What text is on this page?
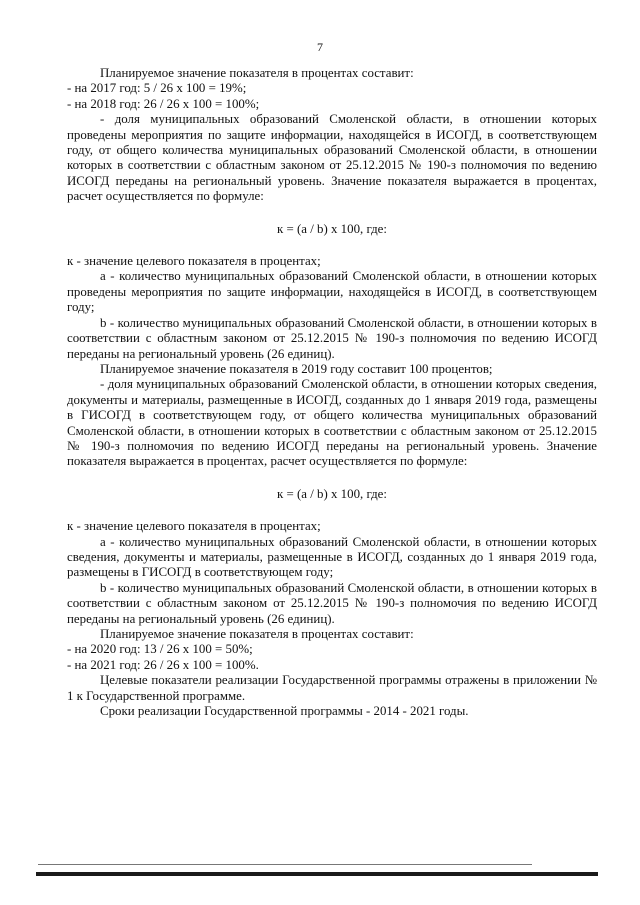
7

Планируемое значение показателя в процентах составит:

- на 2017 год: 5 / 26 x 100 = 19%;

- на 2018 год: 26 / 26 x 100 = 100%;

- доля муниципальных образований Смоленской области, в отношении которых проведены мероприятия по защите информации, находящейся в ИСОГД, в соответствующем году, от общего количества муниципальных образований Смоленской области, в отношении которых в соответствии с областным законом от 25.12.2015 № 190-з полномочия по ведению ИСОГД переданы на региональный уровень. Значение показателя выражается в процентах, расчет осуществляется по формуле:

к = (a / b) x 100, где:

к - значение целевого показателя в процентах;

a - количество муниципальных образований Смоленской области, в отношении которых проведены мероприятия по защите информации, находящейся в ИСОГД, в соответствующем году;

b - количество муниципальных образований Смоленской области, в отношении которых в соответствии с областным законом от 25.12.2015 № 190-з полномочия по ведению ИСОГД переданы на региональный уровень (26 единиц).

Планируемое значение показателя в 2019 году составит 100 процентов;

- доля муниципальных образований Смоленской области, в отношении которых сведения, документы и материалы, размещенные в ИСОГД, созданных до 1 января 2019 года, размещены в ГИСОГД в соответствующем году, от общего количества муниципальных образований Смоленской области, в отношении которых в соответствии с областным законом от 25.12.2015 № 190-з полномочия по ведению ИСОГД переданы на региональный уровень. Значение показателя выражается в процентах, расчет осуществляется по формуле:

к = (a / b) x 100, где:

к - значение целевого показателя в процентах;

a - количество муниципальных образований Смоленской области, в отношении которых сведения, документы и материалы, размещенные в ИСОГД, созданных до 1 января 2019 года, размещены в ГИСОГД в соответствующем году;

b - количество муниципальных образований Смоленской области, в отношении которых в соответствии с областным законом от 25.12.2015 № 190-з полномочия по ведению ИСОГД переданы на региональный уровень (26 единиц).

Планируемое значение показателя в процентах составит:

- на 2020 год: 13 / 26 x 100 = 50%;

- на 2021 год: 26 / 26 x 100 = 100%.

Целевые показатели реализации Государственной программы отражены в приложении № 1 к Государственной программе.

Сроки реализации Государственной программы - 2014 - 2021 годы.
